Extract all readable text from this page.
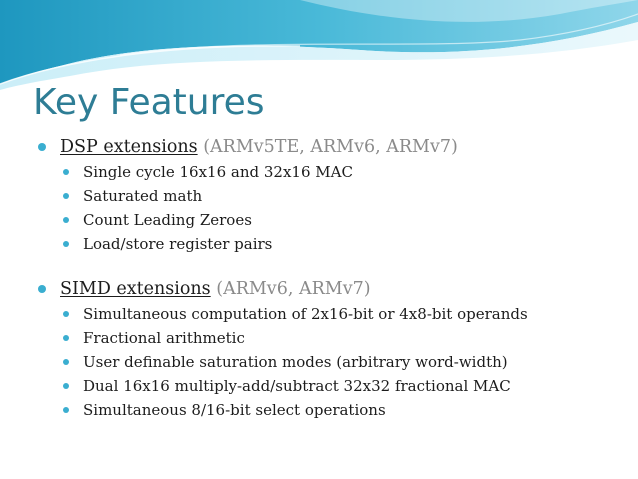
Key Features
DSP extensions (ARMv5TE, ARMv6, ARMv7)
Single cycle 16x16 and 32x16 MAC
Saturated math
Count Leading Zeroes
Load/store register pairs
SIMD extensions (ARMv6, ARMv7)
Simultaneous computation of 2x16-bit or 4x8-bit operands
Fractional arithmetic
User definable saturation modes (arbitrary word-width)
Dual 16x16 multiply-add/subtract 32x32 fractional MAC
Simultaneous 8/16-bit select operations
